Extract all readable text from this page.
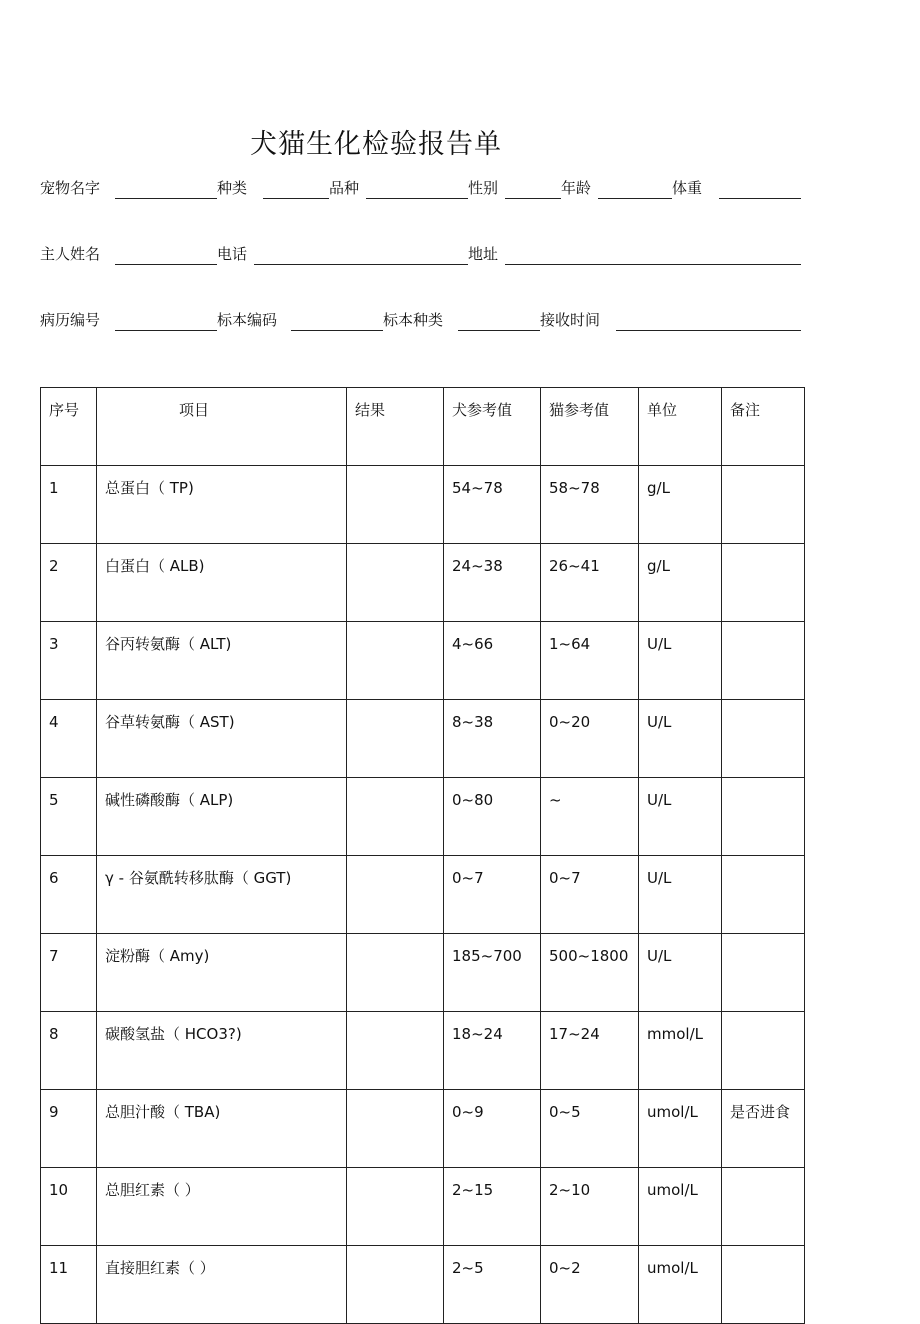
犬猫生化检验报告单
宠物名字	种类	品种	性别	年龄	体重
主人姓名	电话	地址
病历编号	标本编码	标本种类	接收时间
序号	项目	结果	犬参考值	猫参考值	单位	备注
1	总蛋白（ TP)		54~78	58~78	g/L	
2	白蛋白（ ALB)		24~38	26~41	g/L	
3	谷丙转氨酶（ ALT)		4~66	1~64	U/L	
4	谷草转氨酶（ AST)		8~38	0~20	U/L	
5	碱性磷酸酶（ ALP)		0~80	~	U/L	
6	γ - 谷氨酰转移肽酶（ GGT)		0~7	0~7	U/L	
7	淀粉酶（ Amy)		185~700	500~1800	U/L	
8	碳酸氢盐（ HCO3?)		18~24	17~24	mmol/L	
9	总胆汁酸（ TBA)		0~9	0~5	umol/L	是否进食
10	总胆红素（ ）		2~15	2~10	umol/L	
11	直接胆红素（ ）		2~5	0~2	umol/L	
